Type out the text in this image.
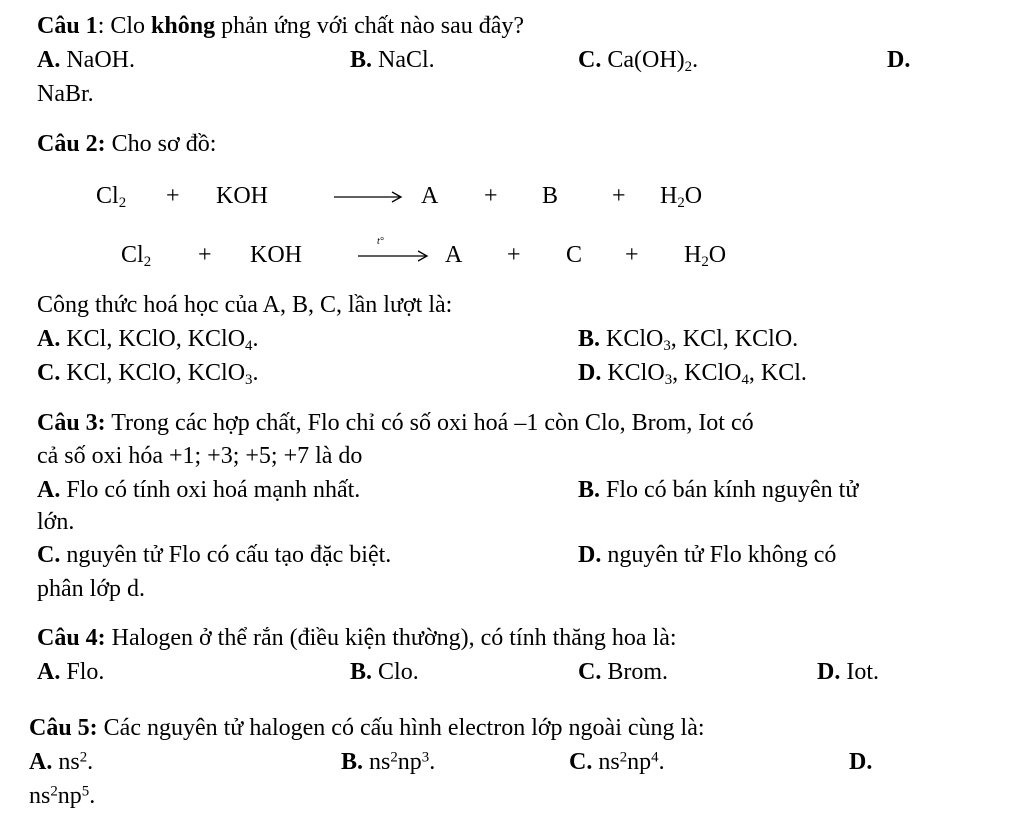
Câu 1: Clo không phản ứng với chất nào sau đây?
A. NaOH.	B. NaCl.	C. $Ca(OH)_2$.	D.
NaBr.
Câu 2: Cho sơ đồ:
$Cl_2$ + KOH	$A + B + H_2O$
$Cl_2$ + KOH
t°
$A + C + H_2O$
Công thức hoá học của A, B, C, lần lượt là:
A. KCl, KClO, KClO$_4$.	B. KClO$_3$, KCl, KClO.
C. KCl, KClO, KClO$_3$.	D. KClO$_3$, KClO$_4$, KCl.
Câu 3: Trong các hợp chất, Flo chỉ có số oxi hoá –1 còn Clo, Brom, Iot có
cả số oxi hóa +1; +3; +5; +7 là do
A. Flo có tính oxi hoá mạnh nhất.	B. Flo có bán kính nguyên tử
lớn.
C. nguyên tử Flo có cấu tạo đặc biệt.	D. nguyên tử Flo không có
phân lớp d.
Câu 4: Halogen ở thể rắn (điều kiện thường), có tính thăng hoa là:
A. Flo.	B. Clo.	C. Brom.	D. Iot.
Câu 5: Các nguyên tử halogen có cấu hình electron lớp ngoài cùng là:
A. $ns^2$.	B. $ns^2np^3$.	C. $ns^2np^4$.	D.
$ns^2np^5$.
